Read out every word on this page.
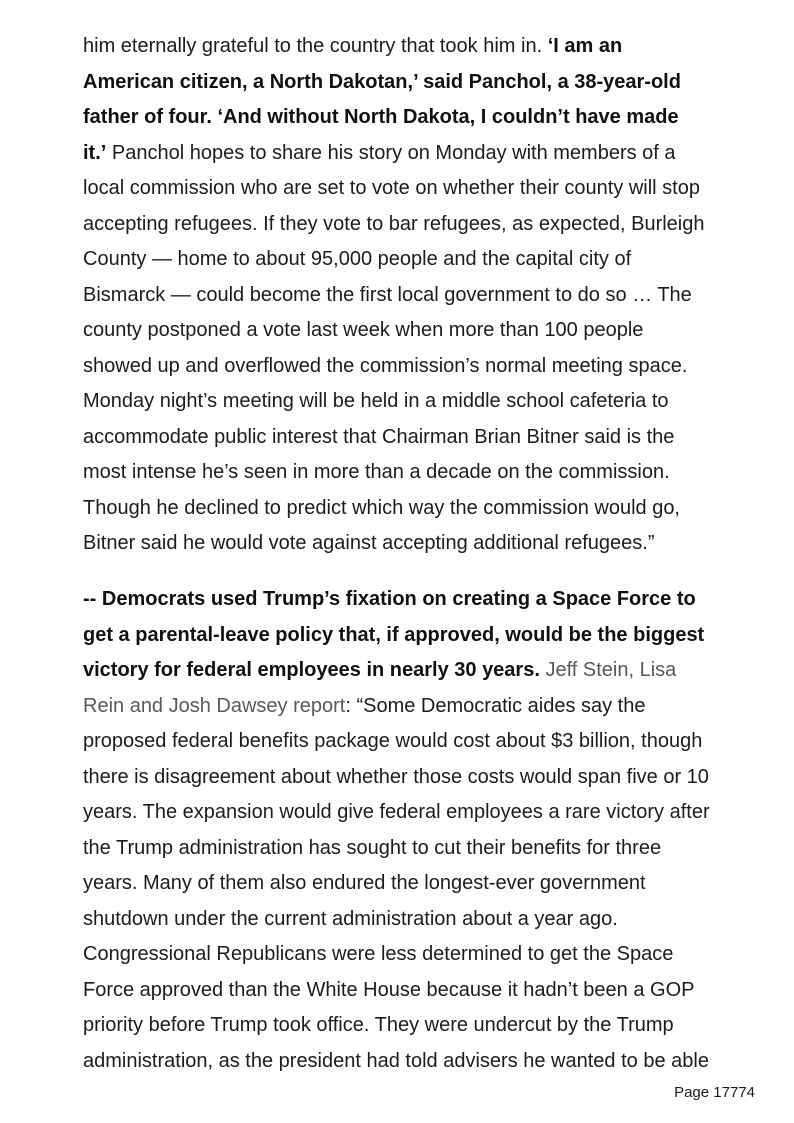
him eternally grateful to the country that took him in. ‘I am an
American citizen, a North Dakotan,’ said Panchol, a 38-year-old
father of four. ‘And without North Dakota, I couldn’t have made
it.’ Panchol hopes to share his story on Monday with members of a
local commission who are set to vote on whether their county will stop
accepting refugees. If they vote to bar refugees, as expected, Burleigh
County — home to about 95,000 people and the capital city of
Bismarck — could become the first local government to do so … The
county postponed a vote last week when more than 100 people
showed up and overflowed the commission’s normal meeting space.
Monday night’s meeting will be held in a middle school cafeteria to
accommodate public interest that Chairman Brian Bitner said is the
most intense he’s seen in more than a decade on the commission.
Though he declined to predict which way the commission would go,
Bitner said he would vote against accepting additional refugees.”
-- Democrats used Trump’s fixation on creating a Space Force to
get a parental-leave policy that, if approved, would be the biggest
victory for federal employees in nearly 30 years. Jeff Stein, Lisa
Rein and Josh Dawsey report: “Some Democratic aides say the
proposed federal benefits package would cost about $3 billion, though
there is disagreement about whether those costs would span five or 10
years. The expansion would give federal employees a rare victory after
the Trump administration has sought to cut their benefits for three
years. Many of them also endured the longest-ever government
shutdown under the current administration about a year ago.
Congressional Republicans were less determined to get the Space
Force approved than the White House because it hadn’t been a GOP
priority before Trump took office. They were undercut by the Trump
administration, as the president had told advisers he wanted to be able
Page 17774
